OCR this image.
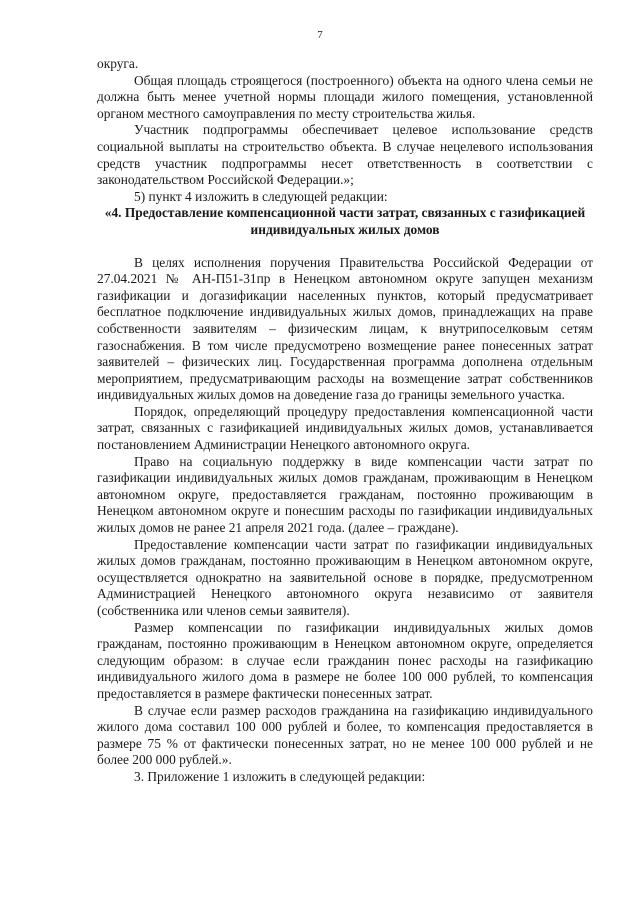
7

округа.

Общая площадь строящегося (построенного) объекта на одного члена семьи не должна быть менее учетной нормы площади жилого помещения, установленной органом местного самоуправления по месту строительства жилья.

Участник подпрограммы обеспечивает целевое использование средств социальной выплаты на строительство объекта. В случае нецелевого использования средств участник подпрограммы несет ответственность в соответствии с законодательством Российской Федерации.»;

5) пункт 4 изложить в следующей редакции:

«4. Предоставление компенсационной части затрат, связанных с газификацией индивидуальных жилых домов

В целях исполнения поручения Правительства Российской Федерации от 27.04.2021 № АН-П51-31пр в Ненецком автономном округе запущен механизм газификации и догазификации населенных пунктов, который предусматривает бесплатное подключение индивидуальных жилых домов, принадлежащих на праве собственности заявителям – физическим лицам, к внутрипоселковым сетям газоснабжения. В том числе предусмотрено возмещение ранее понесенных затрат заявителей – физических лиц. Государственная программа дополнена отдельным мероприятием, предусматривающим расходы на возмещение затрат собственников индивидуальных жилых домов на доведение газа до границы земельного участка.

Порядок, определяющий процедуру предоставления компенсационной части затрат, связанных с газификацией индивидуальных жилых домов, устанавливается постановлением Администрации Ненецкого автономного округа.

Право на социальную поддержку в виде компенсации части затрат по газификации индивидуальных жилых домов гражданам, проживающим в Ненецком автономном округе, предоставляется гражданам, постоянно проживающим в Ненецком автономном округе и понесшим расходы по газификации индивидуальных жилых домов не ранее 21 апреля 2021 года. (далее – граждане).

Предоставление компенсации части затрат по газификации индивидуальных жилых домов гражданам, постоянно проживающим в Ненецком автономном округе, осуществляется однократно на заявительной основе в порядке, предусмотренном Администрацией Ненецкого автономного округа независимо от заявителя (собственника или членов семьи заявителя).

Размер компенсации по газификации индивидуальных жилых домов гражданам, постоянно проживающим в Ненецком автономном округе, определяется следующим образом: в случае если гражданин понес расходы на газификацию индивидуального жилого дома в размере не более 100 000 рублей, то компенсация предоставляется в размере фактически понесенных затрат.

В случае если размер расходов гражданина на газификацию индивидуального жилого дома составил 100 000 рублей и более, то компенсация предоставляется в размере 75 % от фактически понесенных затрат, но не менее 100 000 рублей и не более 200 000 рублей.».

3. Приложение 1 изложить в следующей редакции:
